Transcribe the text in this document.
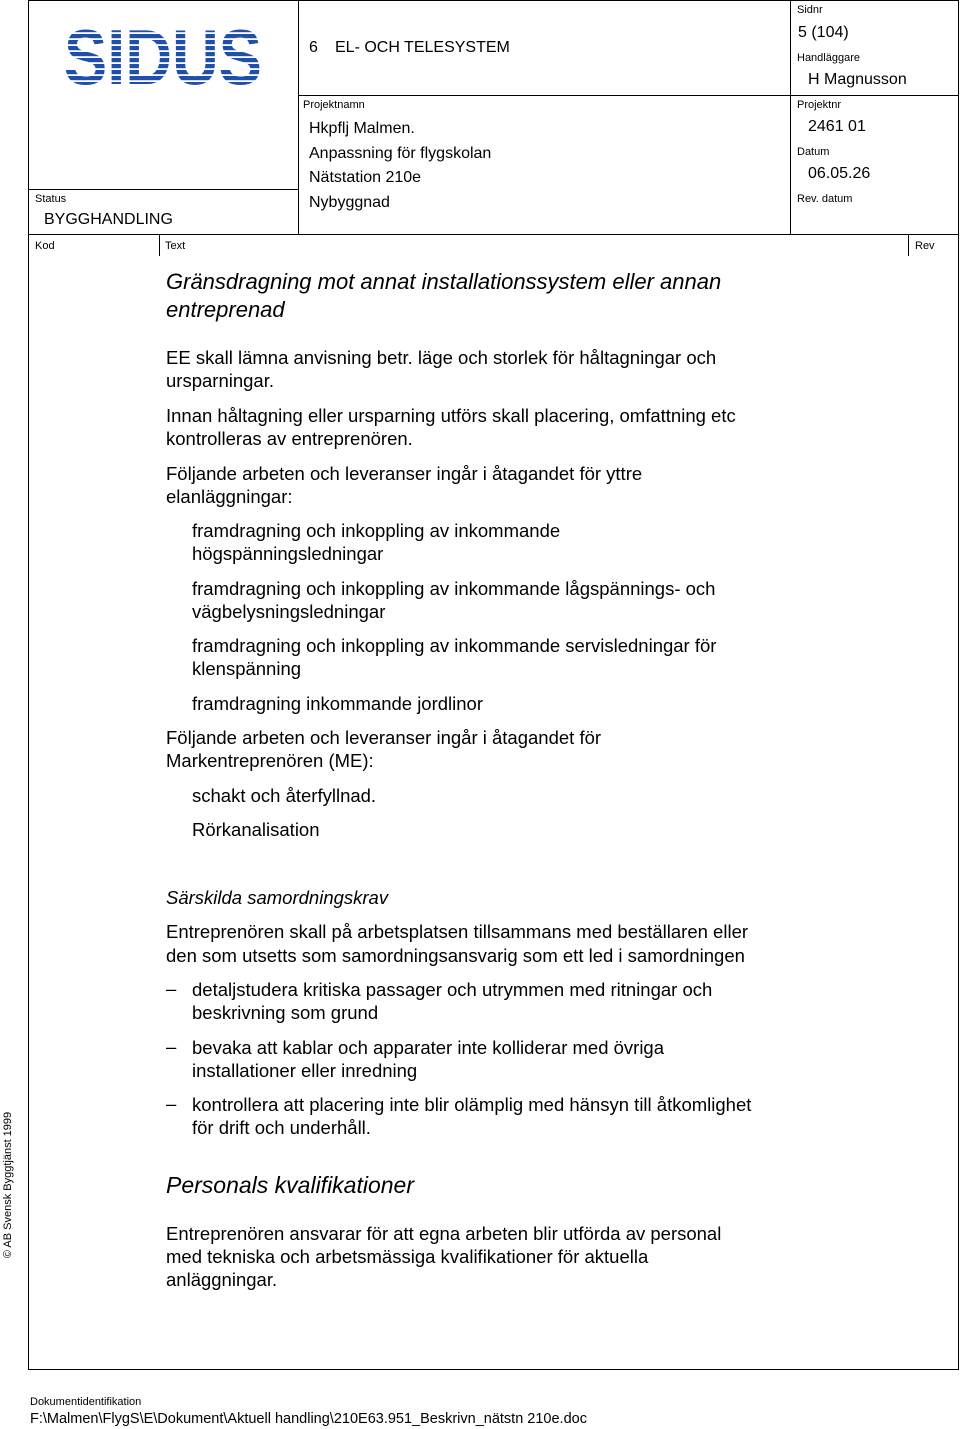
SIDUS	6 EL- OCH TELESYSTEM
Sidnr
5 (104)
Handläggare
H Magnusson
Projektnamn
Hkpflj Malmen.
Anpassning för flygskolan
Nätstation 210e
Nybyggnad
Projektnr
2461 01
Datum
06.05.26
Rev. datum
Status
BYGGHANDLING
Kod	Text	Rev
Gränsdragning mot annat installationssystem eller annan
entreprenad
EE skall lämna anvisning betr. läge och storlek för håltagningar och
ursparningar.
Innan håltagning eller ursparning utförs skall placering, omfattning etc
kontrolleras av entreprenören.
Följande arbeten och leveranser ingår i åtagandet för yttre
elanläggningar:
framdragning och inkoppling av inkommande
högspänningsledningar
framdragning och inkoppling av inkommande lågspännings- och
vägbelysningsledningar
framdragning och inkoppling av inkommande servisledningar för
klenspänning
framdragning inkommande jordlinor
Följande arbeten och leveranser ingår i åtagandet för
Markentreprenören (ME):
schakt och återfyllnad.
Rörkanalisation
Särskilda samordningskrav
Entreprenören skall på arbetsplatsen tillsammans med beställaren eller
den som utsetts som samordningsansvarig som ett led i samordningen
– detaljstudera kritiska passager och utrymmen med ritningar och
beskrivning som grund
– bevaka att kablar och apparater inte kolliderar med övriga
installationer eller inredning
– kontrollera att placering inte blir olämplig med hänsyn till åtkomlighet
för drift och underhåll.
Personals kvalifikationer
Entreprenören ansvarar för att egna arbeten blir utförda av personal
med tekniska och arbetsmässiga kvalifikationer för aktuella
anläggningar.
© AB Svensk Byggtjänst 1999
Dokumentidentifikation
F:\Malmen\FlygS\E\Dokument\Aktuell handling\210E63.951_Beskrivn_nätstn 210e.doc
